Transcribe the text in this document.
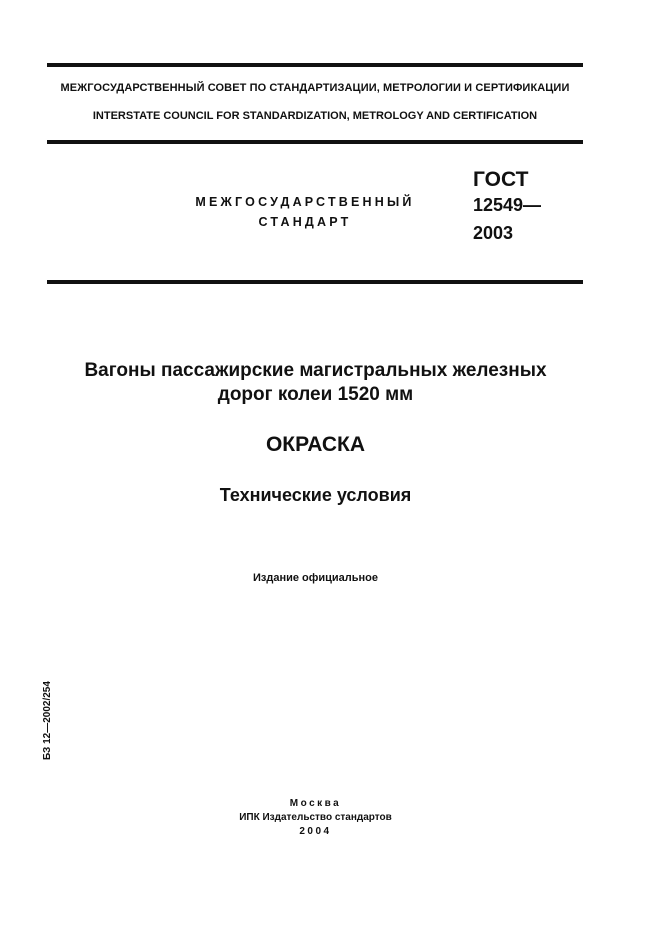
МЕЖГОСУДАРСТВЕННЫЙ СОВЕТ ПО СТАНДАРТИЗАЦИИ, МЕТРОЛОГИИ И СЕРТИФИКАЦИИ
INTERSTATE COUNCIL FOR STANDARDIZATION, METROLOGY AND CERTIFICATION
МЕЖГОСУДАРСТВЕННЫЙ
СТАНДАРТ
ГОСТ
12549—
2003
Вагоны пассажирские магистральных железных
дорог колеи 1520 мм
ОКРАСКА
Технические условия
Издание официальное
БЗ 12—2002/254
Москва
ИПК Издательство стандартов
2004
